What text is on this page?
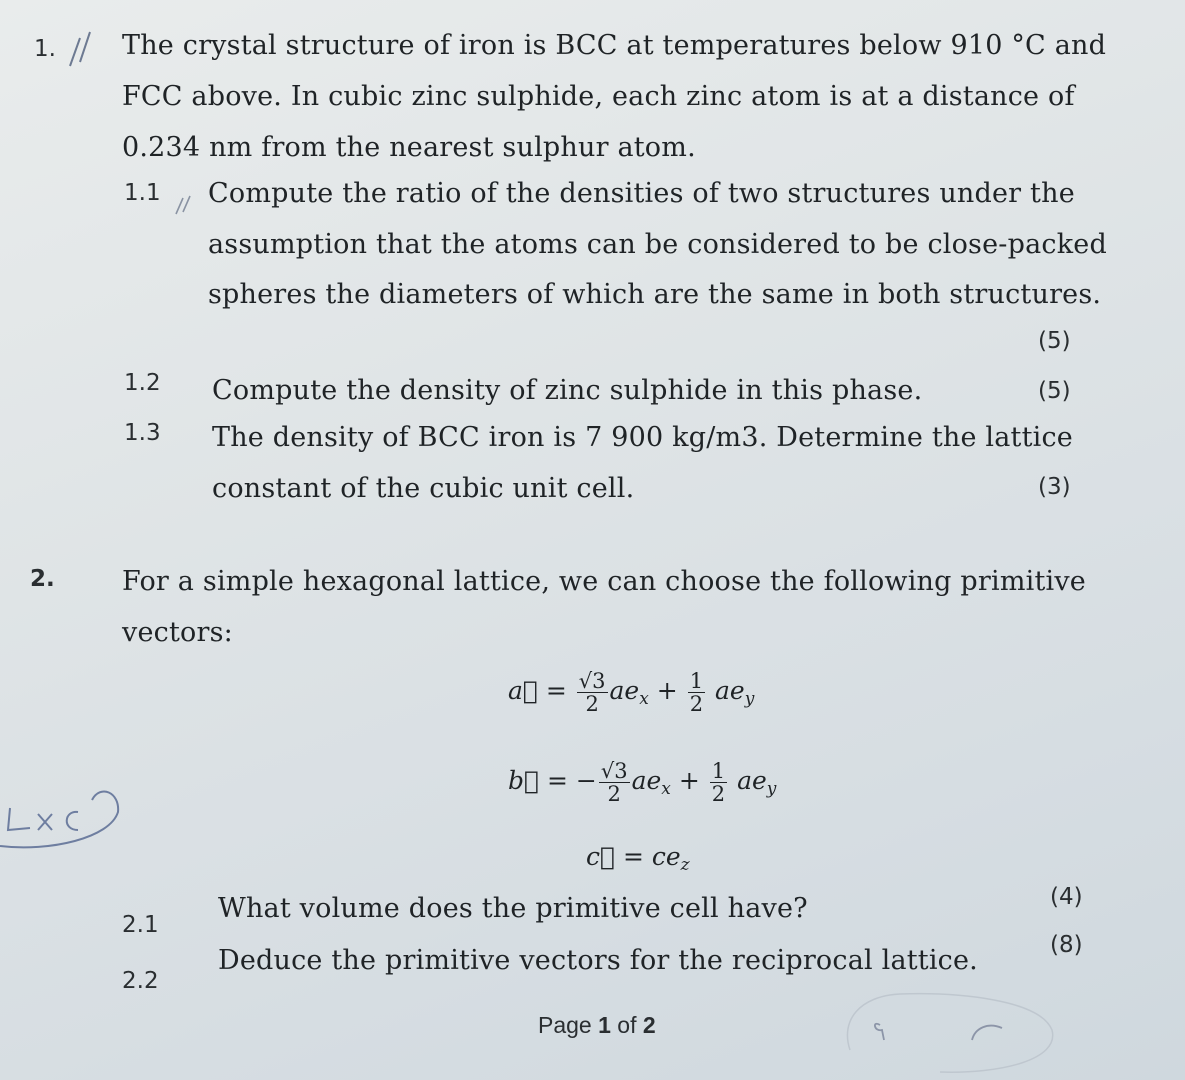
1. The crystal structure of iron is BCC at temperatures below 910 °C and
FCC above. In cubic zinc sulphide, each zinc atom is at a distance of
0.234 nm from the nearest sulphur atom.
1.1 Compute the ratio of the densities of two structures under the
assumption that the atoms can be considered to be close-packed
spheres the diameters of which are the same in both structures.
(5)
1.2 Compute the density of zinc sulphide in this phase.	(5)
1.3 The density of BCC iron is 7 900 kg/m3. Determine the lattice
constant of the cubic unit cell.	(3)
2. For a simple hexagonal lattice, we can choose the following primitive
vectors:
a⃗ = $\frac{√3}{2} ae_x + \frac{1}{2} ae_y$
b⃗ = − $\frac{√3}{2} ae_x + \frac{1}{2} ae_y$
c⃗ = $ce_z$
2.1
What volume does the primitive cell have?	(4)
2.2
Deduce the primitive vectors for the reciprocal lattice.	(8)
Page 1 of 2
